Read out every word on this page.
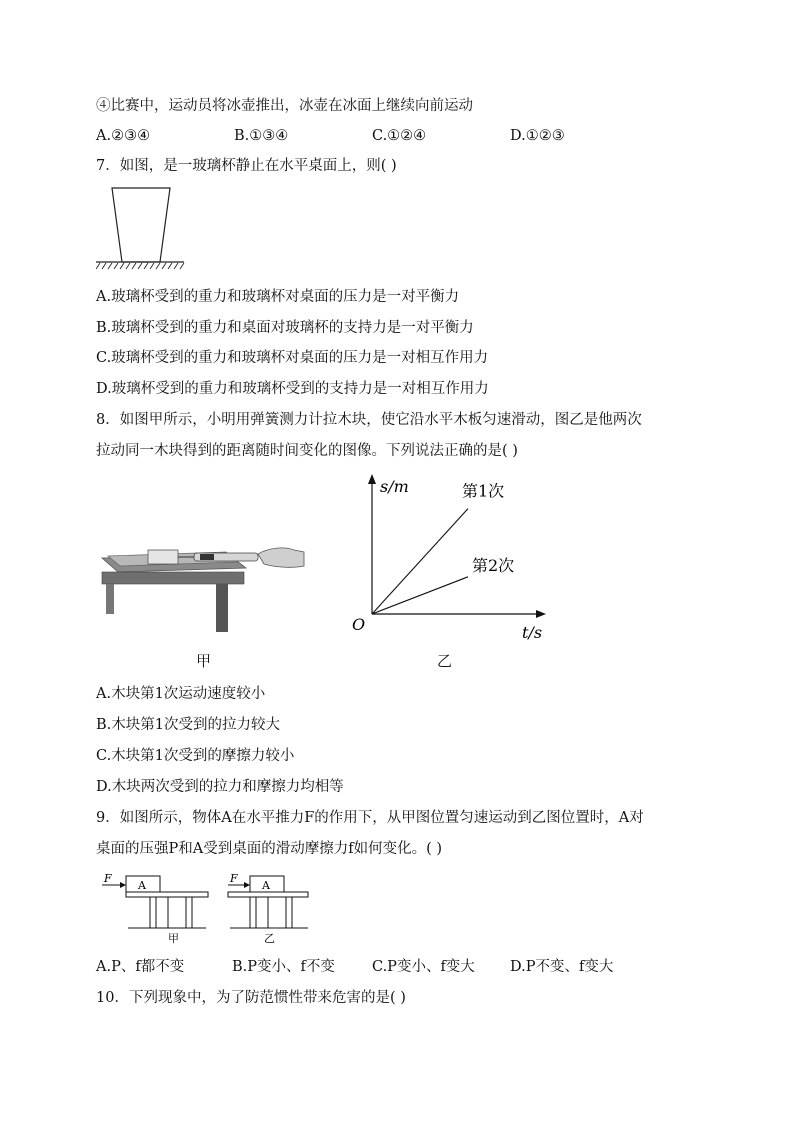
④比赛中，运动员将冰壶推出，冰壶在冰面上继续向前运动
A.②③④	B.①③④	C.①②④	D.①②③
7．如图，是一玻璃杯静止在水平桌面上，则( )
A.玻璃杯受到的重力和玻璃杯对桌面的压力是一对平衡力
B.玻璃杯受到的重力和桌面对玻璃杯的支持力是一对平衡力
C.玻璃杯受到的重力和玻璃杯对桌面的压力是一对相互作用力
D.玻璃杯受到的重力和玻璃杯受到的支持力是一对相互作用力
8．如图甲所示，小明用弹簧测力计拉木块，使它沿水平木板匀速滑动，图乙是他两次
拉动同一木块得到的距离随时间变化的图像。下列说法正确的是( )
甲
s/m
t/s
O
第1次
第2次
乙
A.木块第1次运动速度较小
B.木块第1次受到的拉力较大
C.木块第1次受到的摩擦力较小
D.木块两次受到的拉力和摩擦力均相等
9．如图所示，物体A在水平推力F的作用下，从甲图位置匀速运动到乙图位置时，A对
桌面的压强P和A受到桌面的滑动摩擦力f如何变化。( )
F
A
甲
F
A
乙
A.P、f都不变	B.P变小、f不变	C.P变小、f变大 D.P不变、f变大
10．下列现象中，为了防范惯性带来危害的是( )
